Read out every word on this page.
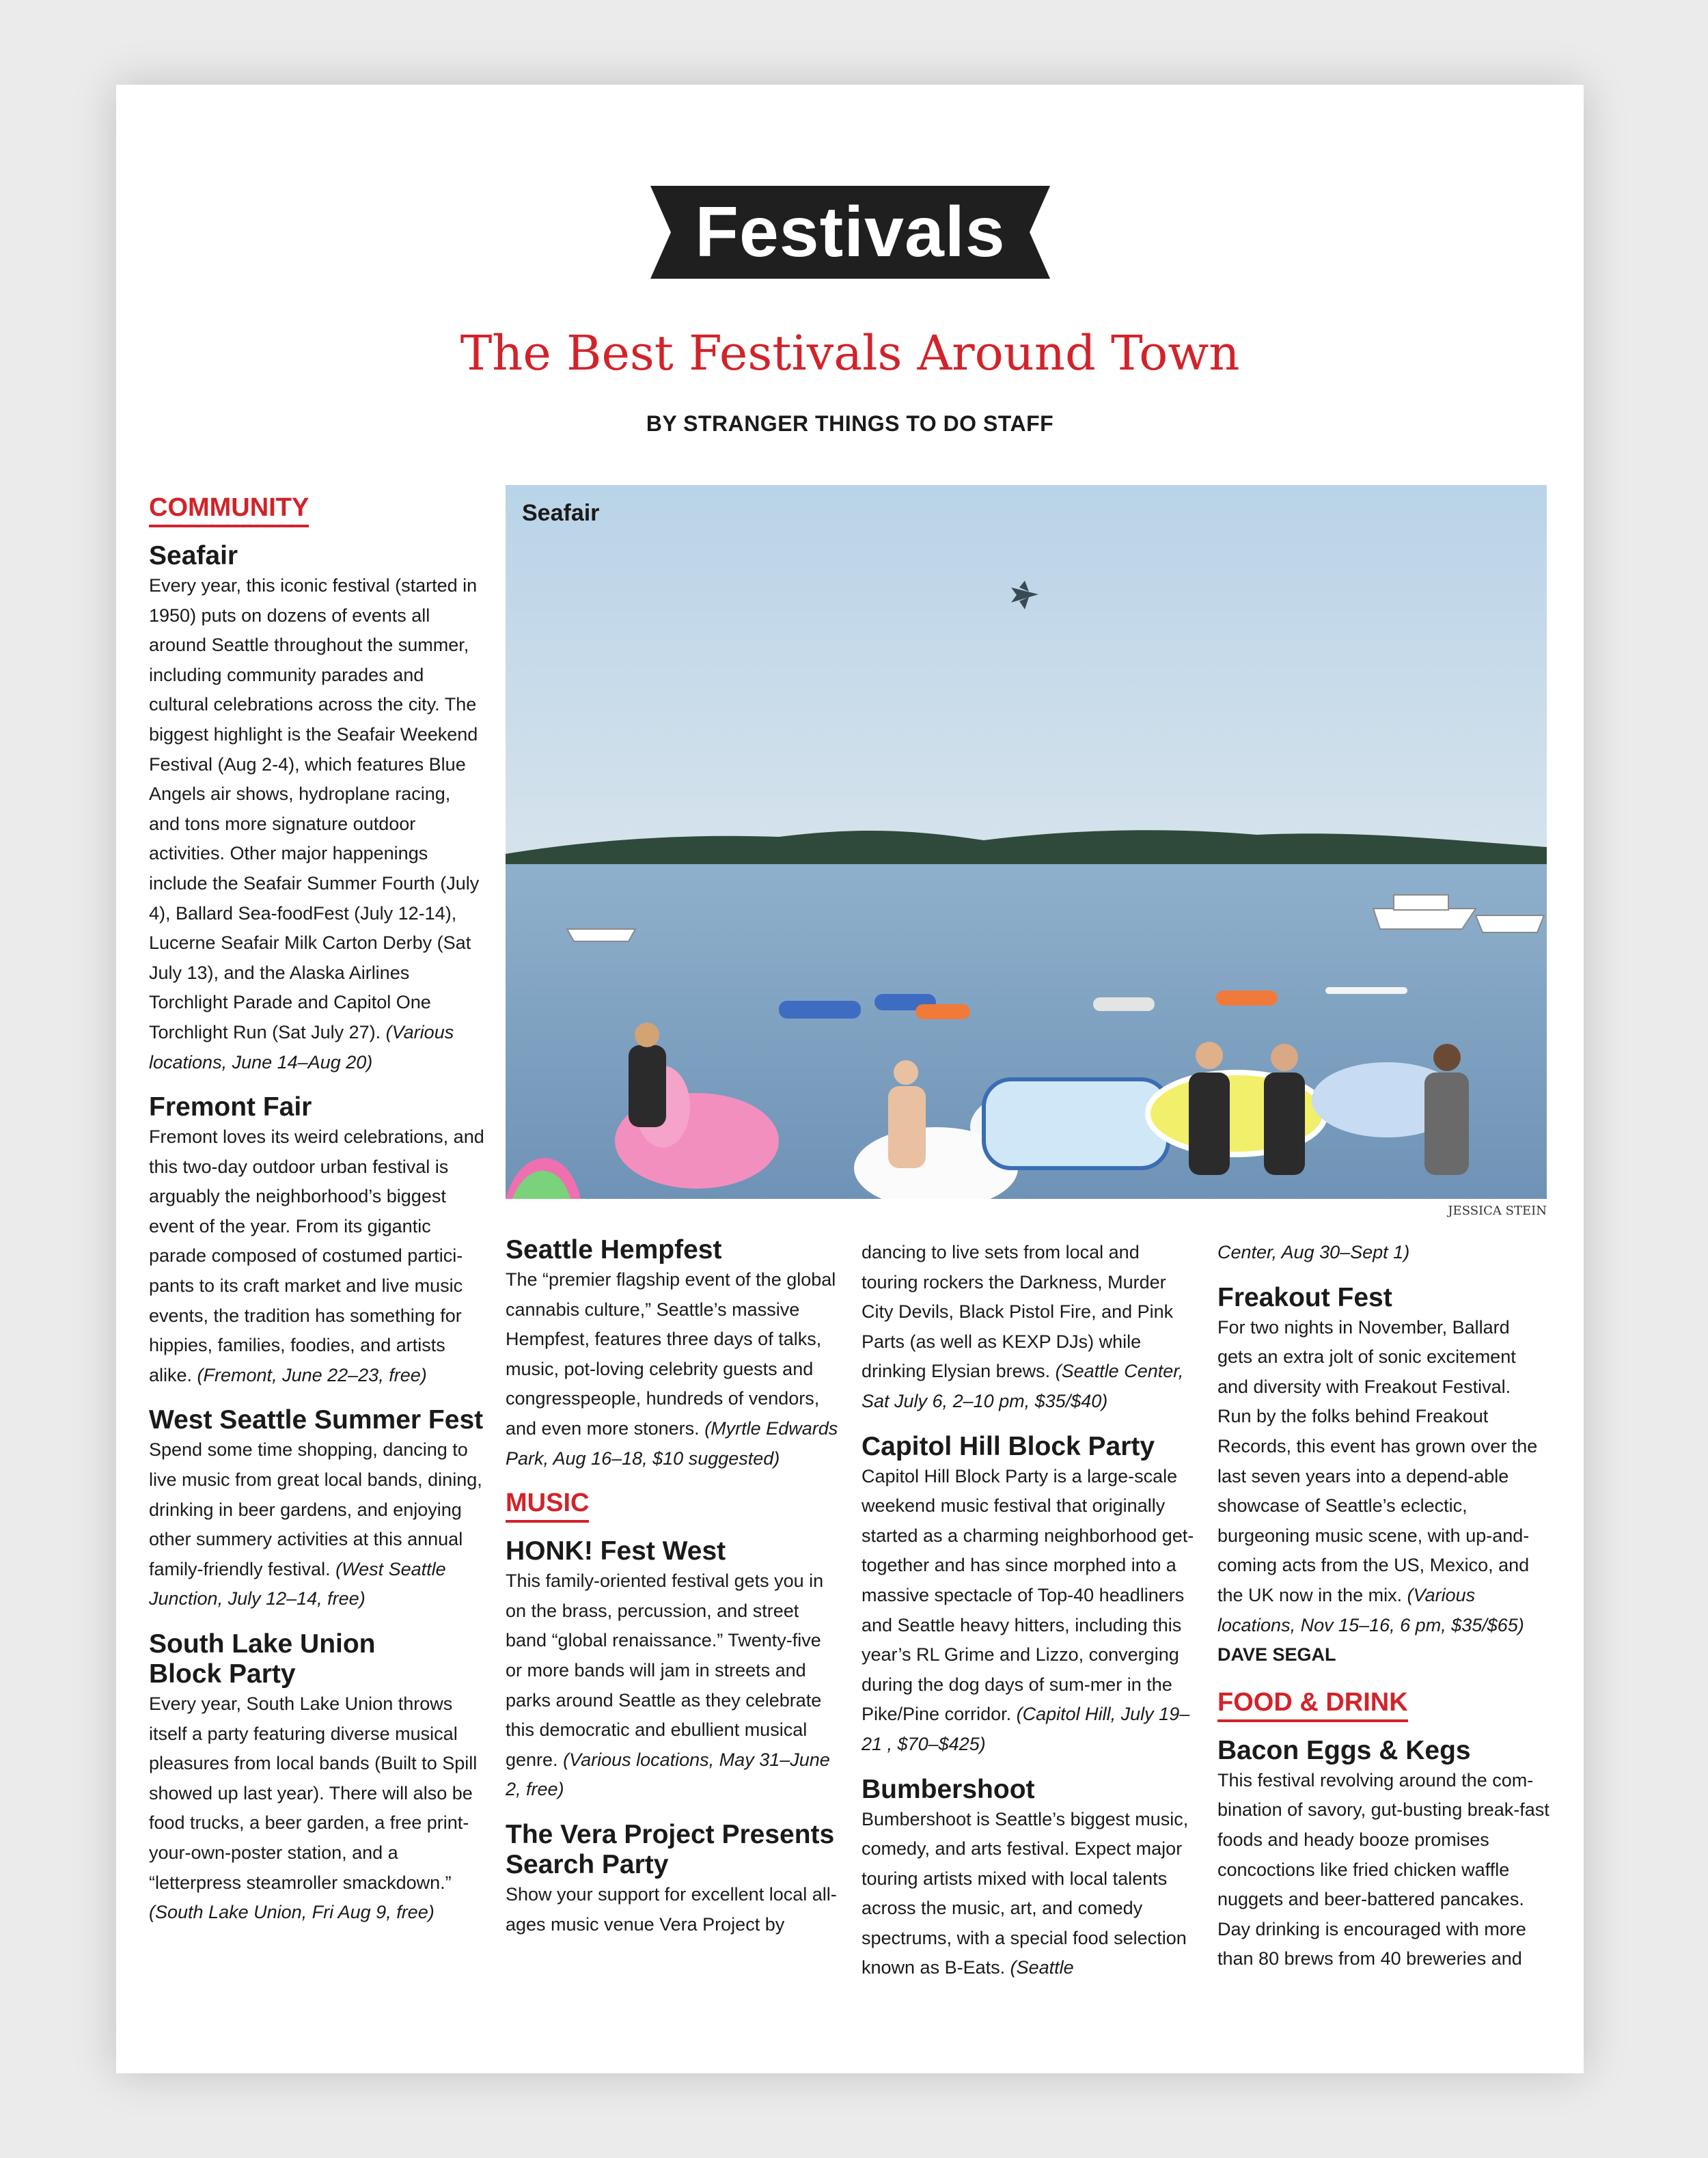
Festivals
The Best Festivals Around Town
BY STRANGER THINGS TO DO STAFF
COMMUNITY

Seafair

Every year, this iconic festival (started in 1950) puts on dozens of events all around Seattle throughout the summer, including community parades and cultural celebrations across the city. The biggest highlight is the Seafair Weekend Festival (Aug 2-4), which features Blue Angels air shows, hydroplane racing, and tons more signature outdoor activities. Other major happenings include the Seafair Summer Fourth (July 4), Ballard Sea-foodFest (July 12-14), Lucerne Seafair Milk Carton Derby (Sat July 13), and the Alaska Airlines Torchlight Parade and Capitol One Torchlight Run (Sat July 27). (Various locations, June 14–Aug 20)

Fremont Fair

Fremont loves its weird celebrations, and this two-day outdoor urban festival is arguably the neighborhood’s biggest event of the year. From its gigantic parade composed of costumed partici-pants to its craft market and live music events, the tradition has something for hippies, families, foodies, and artists alike. (Fremont, June 22–23, free)

West Seattle Summer Fest

Spend some time shopping, dancing to live music from great local bands, dining, drinking in beer gardens, and enjoying other summery activities at this annual family-friendly festival. (West Seattle Junction, July 12–14, free)

South Lake Union Block Party

Every year, South Lake Union throws itself a party featuring diverse musical pleasures from local bands (Built to Spill showed up last year). There will also be food trucks, a beer garden, a free print-your-own-poster station, and a “letterpress steamroller smackdown.” (South Lake Union, Fri Aug 9, free)

Seafair
JESSICA STEIN

Seattle Hempfest

The “premier flagship event of the global cannabis culture,” Seattle’s massive Hempfest, features three days of talks, music, pot-loving celebrity guests and congresspeople, hundreds of vendors, and even more stoners. (Myrtle Edwards Park, Aug 16–18, $10 suggested)

MUSIC

HONK! Fest West

This family-oriented festival gets you in on the brass, percussion, and street band “global renaissance.” Twenty-five or more bands will jam in streets and parks around Seattle as they celebrate this democratic and ebullient musical genre. (Various locations, May 31–June 2, free)

The Vera Project Presents Search Party

Show your support for excellent local all-ages music venue Vera Project by

dancing to live sets from local and touring rockers the Darkness, Murder City Devils, Black Pistol Fire, and Pink Parts (as well as KEXP DJs) while drinking Elysian brews. (Seattle Center, Sat July 6, 2–10 pm, $35/$40)

Capitol Hill Block Party

Capitol Hill Block Party is a large-scale weekend music festival that originally started as a charming neighborhood get-together and has since morphed into a massive spectacle of Top-40 headliners and Seattle heavy hitters, including this year’s RL Grime and Lizzo, converging during the dog days of sum-mer in the Pike/Pine corridor. (Capitol Hill, July 19–21 , $70–$425)

Bumbershoot

Bumbershoot is Seattle’s biggest music, comedy, and arts festival. Expect major touring artists mixed with local talents across the music, art, and comedy spectrums, with a special food selection known as B-Eats. (Seattle

Center, Aug 30–Sept 1)

Freakout Fest

For two nights in November, Ballard gets an extra jolt of sonic excitement and diversity with Freakout Festival. Run by the folks behind Freakout Records, this event has grown over the last seven years into a depend-able showcase of Seattle’s eclectic, burgeoning music scene, with up-and-coming acts from the US, Mexico, and the UK now in the mix. (Various locations, Nov 15–16, 6 pm, $35/$65)

DAVE SEGAL

FOOD & DRINK

Bacon Eggs & Kegs

This festival revolving around the com-bination of savory, gut-busting break-fast foods and heady booze promises concoctions like fried chicken waffle nuggets and beer-battered pancakes. Day drinking is encouraged with more than 80 brews from 40 breweries and
